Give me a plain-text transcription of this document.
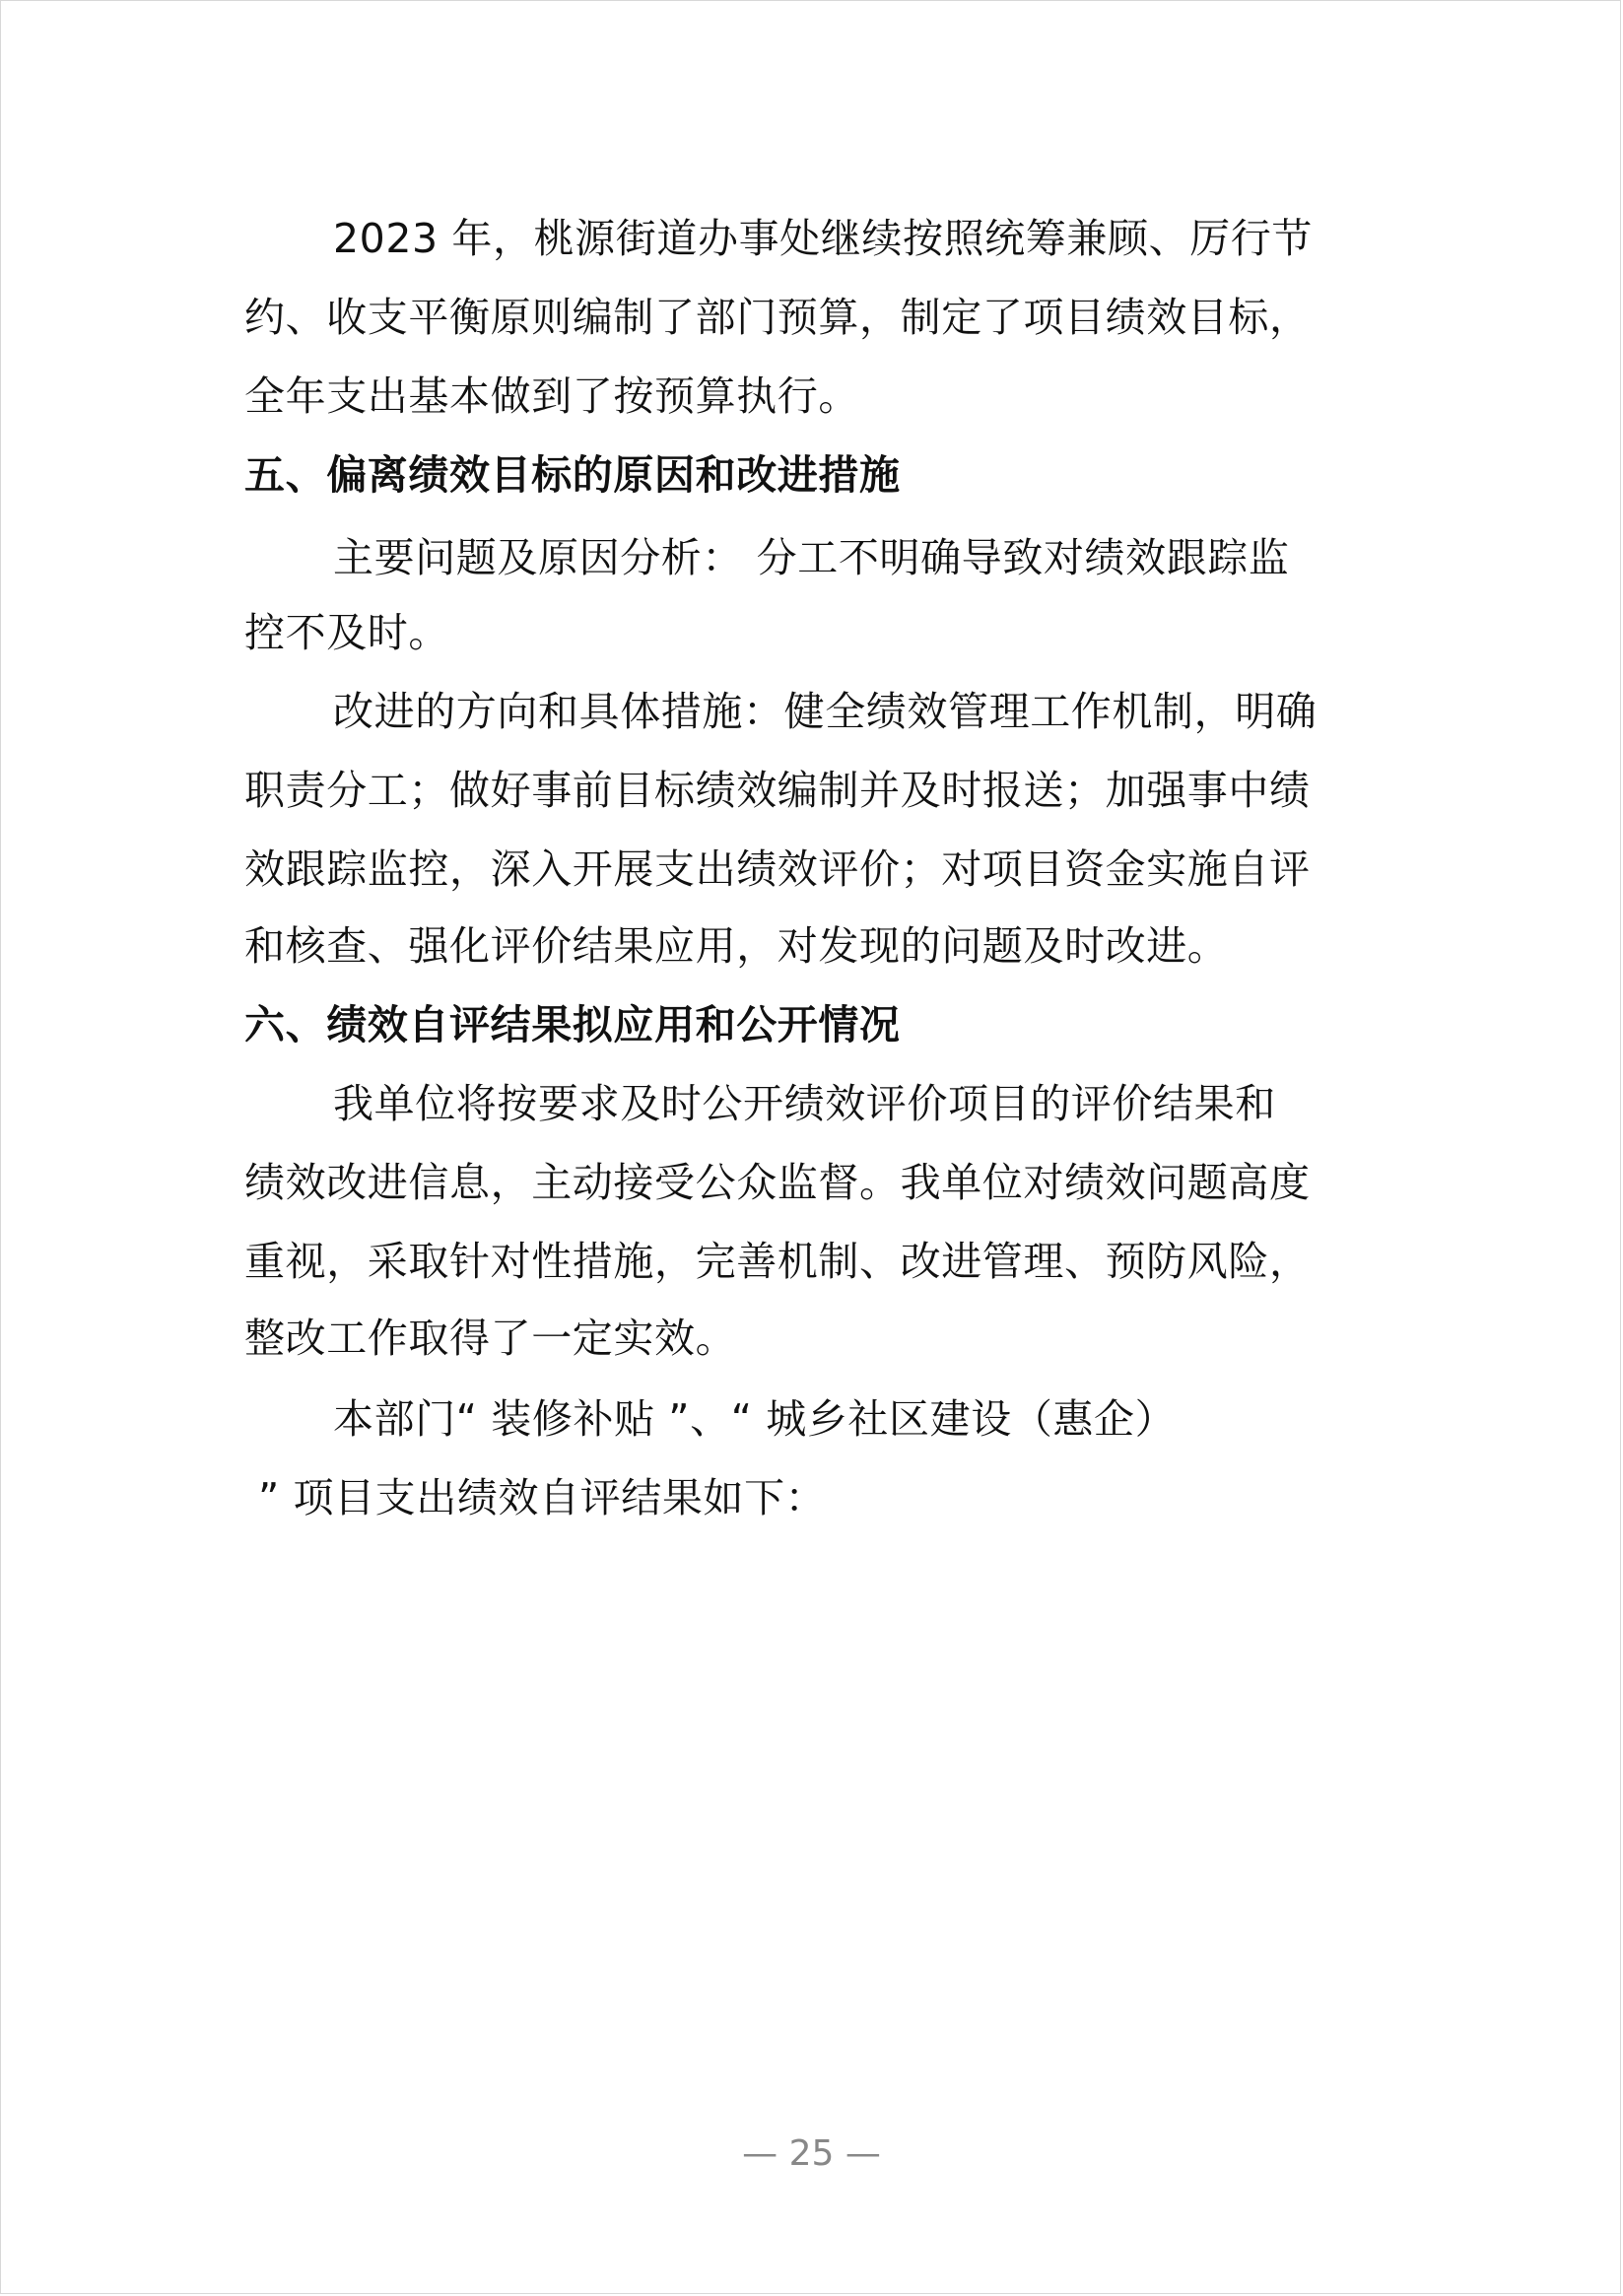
2023 年，桃源街道办事处继续按照统筹兼顾、厉行节
约、收支平衡原则编制了部门预算，制定了项目绩效目标，
全年支出基本做到了按预算执行。
五、偏离绩效目标的原因和改进措施
主要问题及原因分析： 分工不明确导致对绩效跟踪监
控不及时。
改进的方向和具体措施：健全绩效管理工作机制，明确
职责分工；做好事前目标绩效编制并及时报送；加强事中绩
效跟踪监控，深入开展支出绩效评价；对项目资金实施自评
和核查、强化评价结果应用，对发现的问题及时改进。
六、绩效自评结果拟应用和公开情况
我单位将按要求及时公开绩效评价项目的评价结果和
绩效改进信息，主动接受公众监督。我单位对绩效问题高度
重视，采取针对性措施，完善机制、改进管理、预防风险，
整改工作取得了一定实效。
本部门“ 装修补贴 ”、“ 城乡社区建设（惠企）
” 项目支出绩效自评结果如下：
— 25 —
